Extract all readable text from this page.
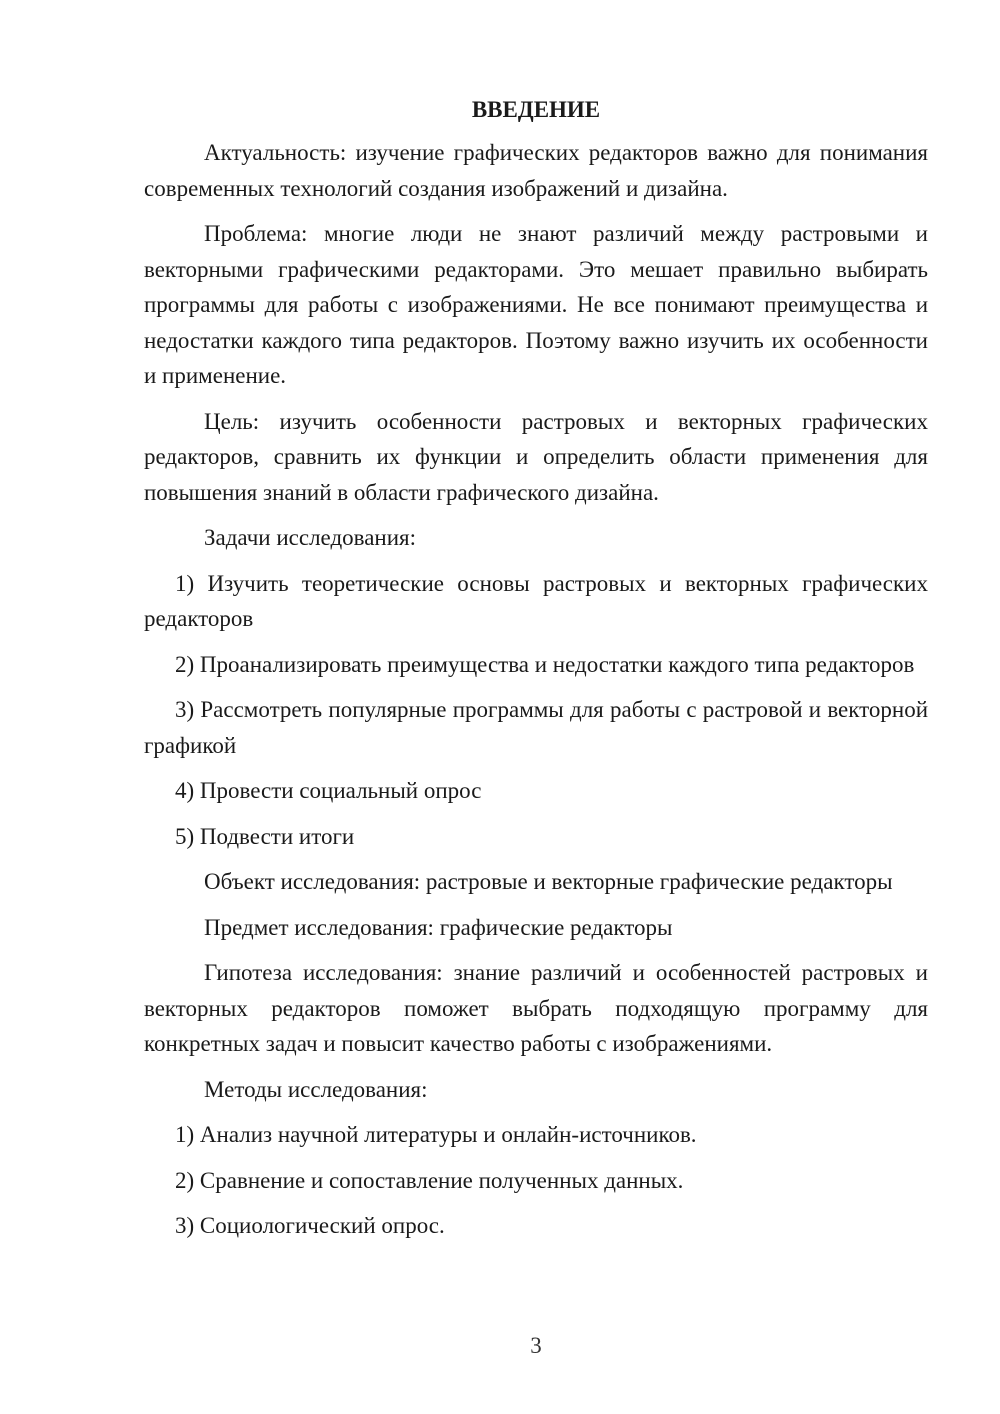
ВВЕДЕНИЕ

Актуальность: изучение графических редакторов важно для понимания современных технологий создания изображений и дизайна.

Проблема: многие люди не знают различий между растровыми и векторными графическими редакторами. Это мешает правильно выбирать программы для работы с изображениями. Не все понимают преимущества и недостатки каждого типа редакторов. Поэтому важно изучить их особенности и применение.

Цель: изучить особенности растровых и векторных графических редакторов, сравнить их функции и определить области применения для повышения знаний в области графического дизайна.

Задачи исследования:

1) Изучить теоретические основы растровых и векторных графических редакторов

2) Проанализировать преимущества и недостатки каждого типа редакторов

3) Рассмотреть популярные программы для работы с растровой и векторной графикой

4) Провести социальный опрос

5) Подвести итоги

Объект исследования: растровые и векторные графические редакторы

Предмет исследования: графические редакторы

Гипотеза исследования: знание различий и особенностей растровых и векторных редакторов поможет выбрать подходящую программу для конкретных задач и повысит качество работы с изображениями.

Методы исследования:

1) Анализ научной литературы и онлайн-источников.

2) Сравнение и сопоставление полученных данных.

3) Социологический опрос.

3
